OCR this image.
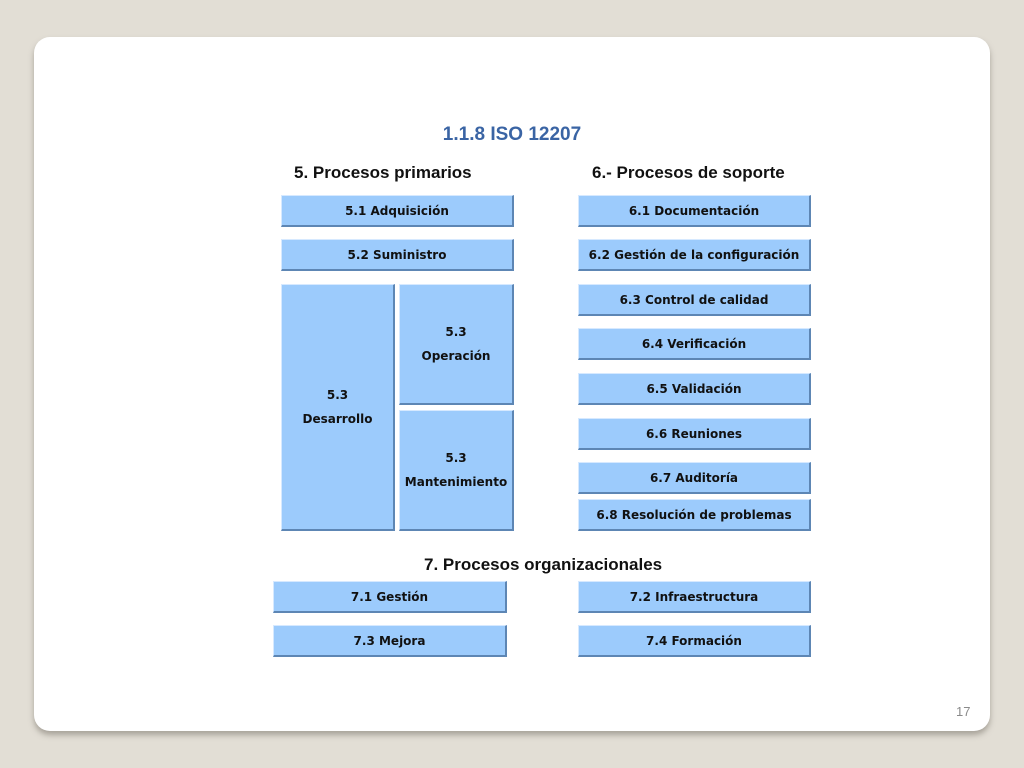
1.1.8 ISO 12207
5. Procesos primarios	6.- Procesos de soporte
5.1 Adquisición
5.2 Suministro
5.3
Desarrollo
5.3
Operación
5.3
Mantenimiento
6.1 Documentación
6.2 Gestión de la configuración
6.3 Control de calidad
6.4 Verificación
6.5 Validación
6.6 Reuniones
6.7 Auditoría
6.8 Resolución de problemas
7. Procesos organizacionales
7.1 Gestión	7.2 Infraestructura
7.3 Mejora	7.4 Formación
17
